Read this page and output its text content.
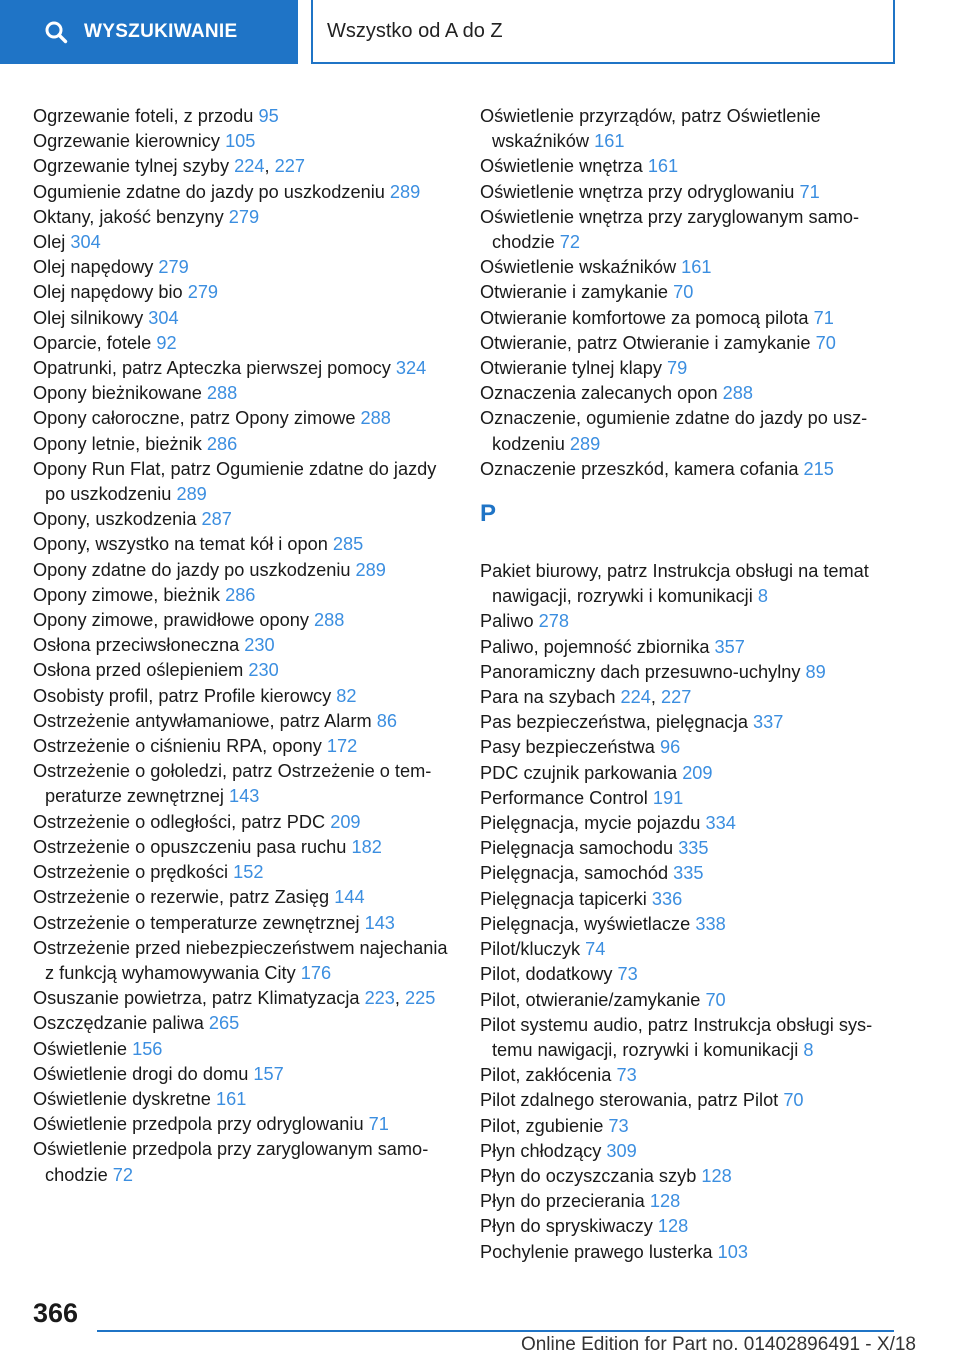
WYSZUKIWANIE	Wszystko od A do Z
Ogrzewanie foteli, z przodu 95
Ogrzewanie kierownicy 105
Ogrzewanie tylnej szyby 224, 227
Ogumienie zdatne do jazdy po uszkodzeniu 289
Oktany, jakość benzyny 279
Olej 304
Olej napędowy 279
Olej napędowy bio 279
Olej silnikowy 304
Oparcie, fotele 92
Opatrunki, patrz Apteczka pierwszej pomocy 324
Opony bieżnikowane 288
Opony całoroczne, patrz Opony zimowe 288
Opony letnie, bieżnik 286
Opony Run Flat, patrz Ogumienie zdatne do jazdy po uszkodzeniu 289
Opony, uszkodzenia 287
Opony, wszystko na temat kół i opon 285
Opony zdatne do jazdy po uszkodzeniu 289
Opony zimowe, bieżnik 286
Opony zimowe, prawidłowe opony 288
Osłona przeciwsłoneczna 230
Osłona przed oślepieniem 230
Osobisty profil, patrz Profile kierowcy 82
Ostrzeżenie antywłamaniowe, patrz Alarm 86
Ostrzeżenie o ciśnieniu RPA, opony 172
Ostrzeżenie o gołoledzi, patrz Ostrzeżenie o temperaturze zewnętrznej 143
Ostrzeżenie o odległości, patrz PDC 209
Ostrzeżenie o opuszczeniu pasa ruchu 182
Ostrzeżenie o prędkości 152
Ostrzeżenie o rezerwie, patrz Zasięg 144
Ostrzeżenie o temperaturze zewnętrznej 143
Ostrzeżenie przed niebezpieczeństwem najechania z funkcją wyhamowywania City 176
Osuszanie powietrza, patrz Klimatyzacja 223, 225
Oszczędzanie paliwa 265
Oświetlenie 156
Oświetlenie drogi do domu 157
Oświetlenie dyskretne 161
Oświetlenie przedpola przy odryglowaniu 71
Oświetlenie przedpola przy zaryglowanym samochodzie 72
Oświetlenie przyrządów, patrz Oświetlenie wskaźników 161
Oświetlenie wnętrza 161
Oświetlenie wnętrza przy odryglowaniu 71
Oświetlenie wnętrza przy zaryglowanym samochodzie 72
Oświetlenie wskaźników 161
Otwieranie i zamykanie 70
Otwieranie komfortowe za pomocą pilota 71
Otwieranie, patrz Otwieranie i zamykanie 70
Otwieranie tylnej klapy 79
Oznaczenia zalecanych opon 288
Oznaczenie, ogumienie zdatne do jazdy po uszkodzeniu 289
Oznaczenie przeszkód, kamera cofania 215
P
Pakiet biurowy, patrz Instrukcja obsługi na temat nawigacji, rozrywki i komunikacji 8
Paliwo 278
Paliwo, pojemność zbiornika 357
Panoramiczny dach przesuwno-uchylny 89
Para na szybach 224, 227
Pas bezpieczeństwa, pielęgnacja 337
Pasy bezpieczeństwa 96
PDC czujnik parkowania 209
Performance Control 191
Pielęgnacja, mycie pojazdu 334
Pielęgnacja samochodu 335
Pielęgnacja, samochód 335
Pielęgnacja tapicerki 336
Pielęgnacja, wyświetlacze 338
Pilot/kluczyk 74
Pilot, dodatkowy 73
Pilot, otwieranie/zamykanie 70
Pilot systemu audio, patrz Instrukcja obsługi systemu nawigacji, rozrywki i komunikacji 8
Pilot, zakłócenia 73
Pilot zdalnego sterowania, patrz Pilot 70
Pilot, zgubienie 73
Płyn chłodzący 309
Płyn do oczyszczania szyb 128
Płyn do przecierania 128
Płyn do spryskiwaczy 128
Pochylenie prawego lusterka 103
366
Online Edition for Part no. 01402896491 - X/18
